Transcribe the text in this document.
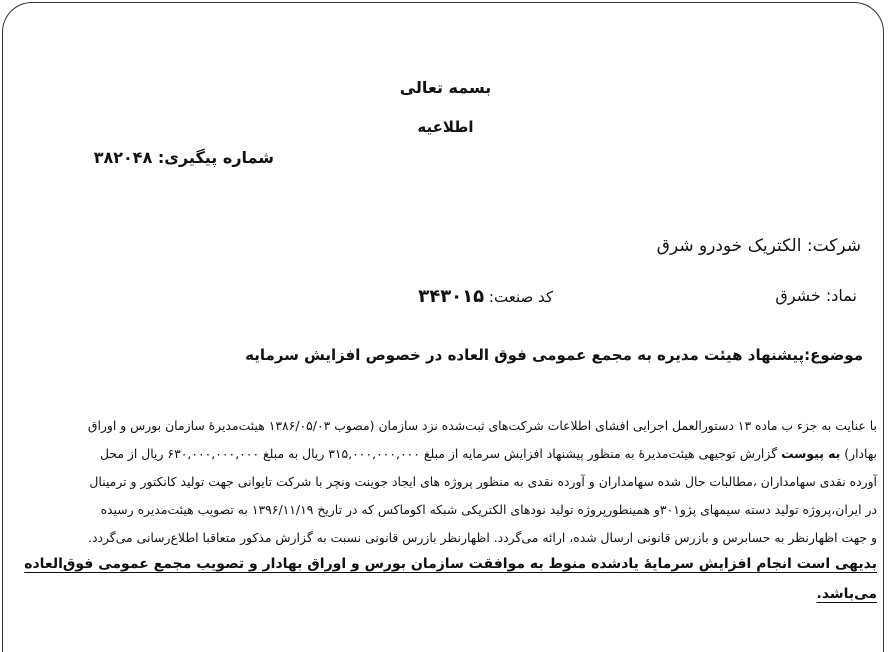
بسمه تعالی
اطلاعیه
شماره پیگیری: ۳۸۲۰۴۸
شرکت: الکتریک خودرو شرق
نماد: خشرق
کد صنعت: ۳۴۳۰۱۵
موضوع:پیشنهاد هیئت مدیره به مجمع عمومی فوق العاده در خصوص افزایش سرمایه
با عنایت به جزء ب ماده ۱۳ دستورالعمل اجرایی افشای اطلاعات شرکت‌های ثبت‌شده نزد سازمان (مصوب ۱۳۸۶/۰۵/۰۳ هیئت‌مدیرهٔ سازمان بورس و اوراق
بهادار) به پیوست گزارش توجیهی هیئت‌مدیرهٔ به منظور پیشنهاد افزایش سرمایه از مبلغ ۳۱۵,۰۰۰,۰۰۰,۰۰۰ ریال به مبلغ ۶۳۰,۰۰۰,۰۰۰,۰۰۰ ریال از محل
آورده نقدی سهامداران ،مطالبات حال شده سهامداران و آورده نقدی به منظور پروژه های ایجاد جوینت ونچر با شرکت تایوانی جهت تولید کانکتور و ترمینال
در ایران،پروژه تولید دسته سیمهای پژو۳۰۱و همینطورپروژه تولید نودهای الکتریکی شبکه اکوماکس که در تاریخ ۱۳۹۶/۱۱/۱۹ به تصویب هیئت‌مدیره رسیده
و جهت اظهارنظر به حسابرس و بازرس قانونی ارسال شده، ارائه می‌گردد. اظهارنظر بازرس قانونی نسبت به گزارش مذکور متعاقبا اطلاع‌رسانی می‌گردد.
بدیهی است انجام افزایش سرمایهٔ یادشده منوط به موافقت سازمان بورس و اوراق بهادار و تصویب مجمع عمومی فوق‌العاده
می‌باشد.
